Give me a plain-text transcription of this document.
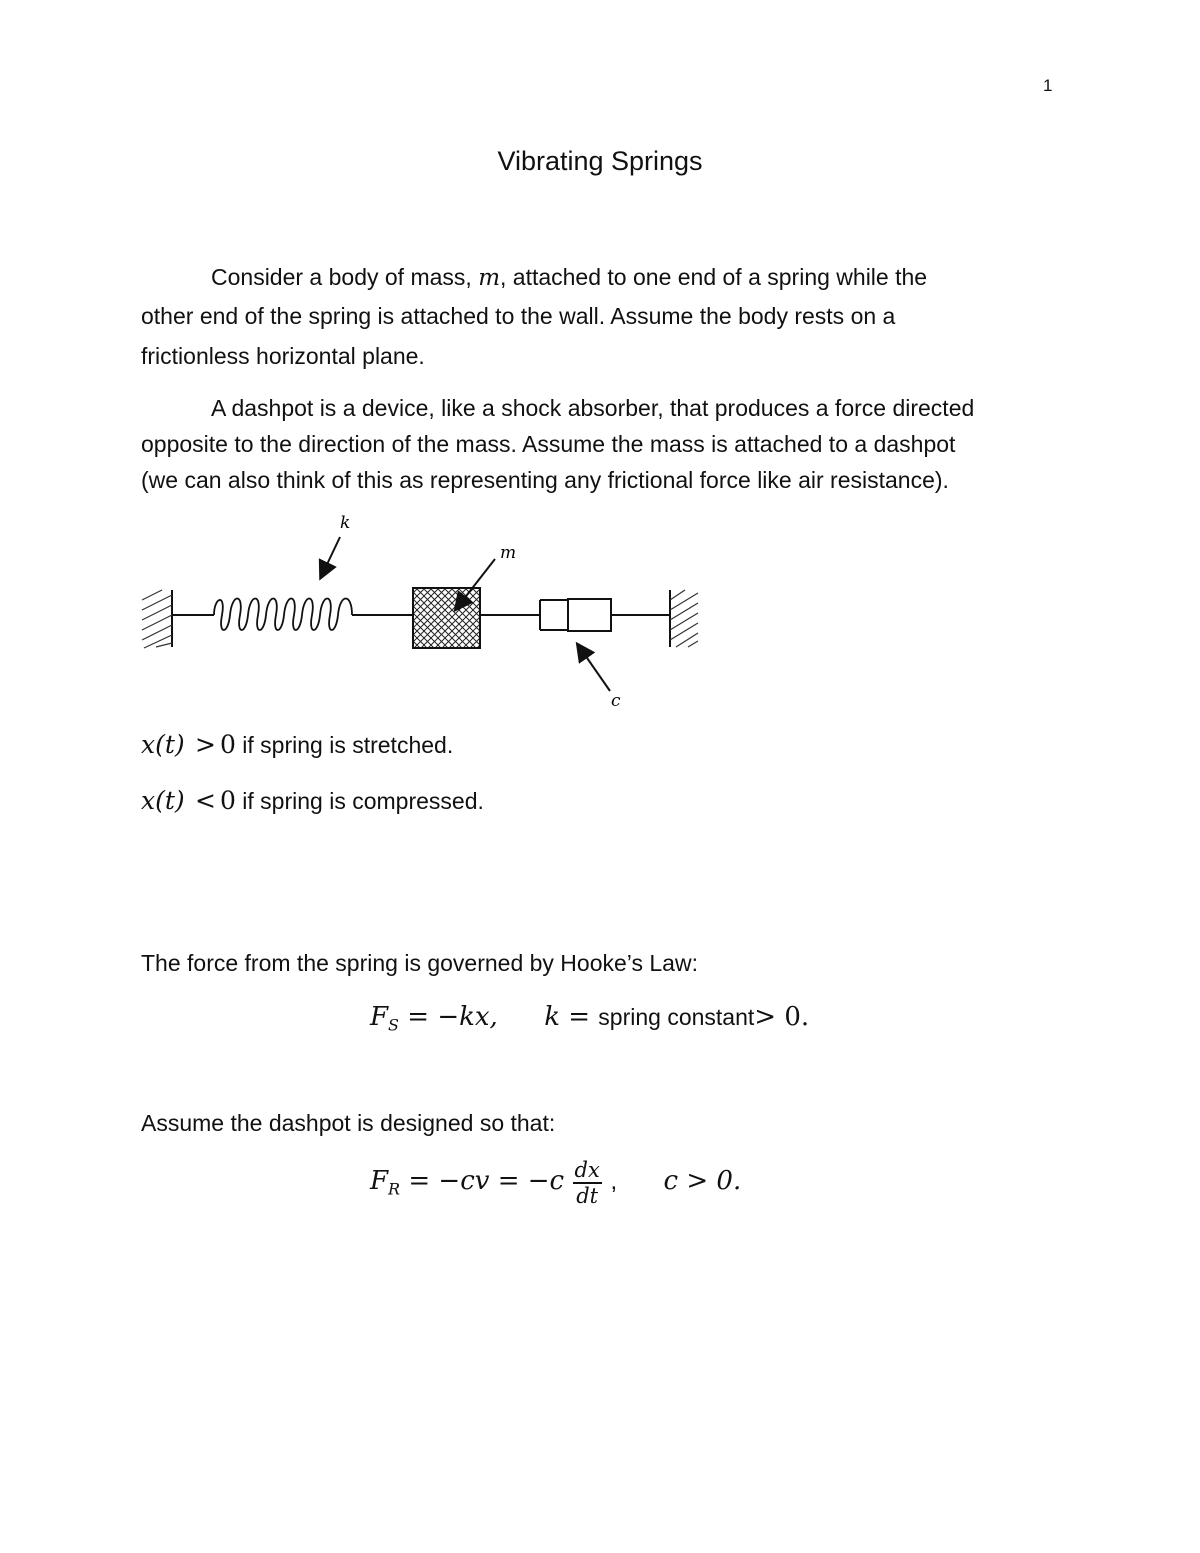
1
Vibrating Springs
Consider a body of mass, m, attached to one end of a spring while the
other end of the spring is attached to the wall. Assume the body rests on a
frictionless horizontal plane.
A dashpot is a device, like a shock absorber, that produces a force directed
opposite to the direction of the mass. Assume the mass is attached to a dashpot
(we can also think of this as representing any frictional force like air resistance).
k
m
c
x(t) > 0 if spring is stretched.
x(t) < 0 if spring is compressed.
The force from the spring is governed by Hooke’s Law:
$F_S = -kx$, k = spring constant> 0.
Assume the dashpot is designed so that:
$F_R = -cv = -c \frac{dx}{dt}$ , c > 0.
